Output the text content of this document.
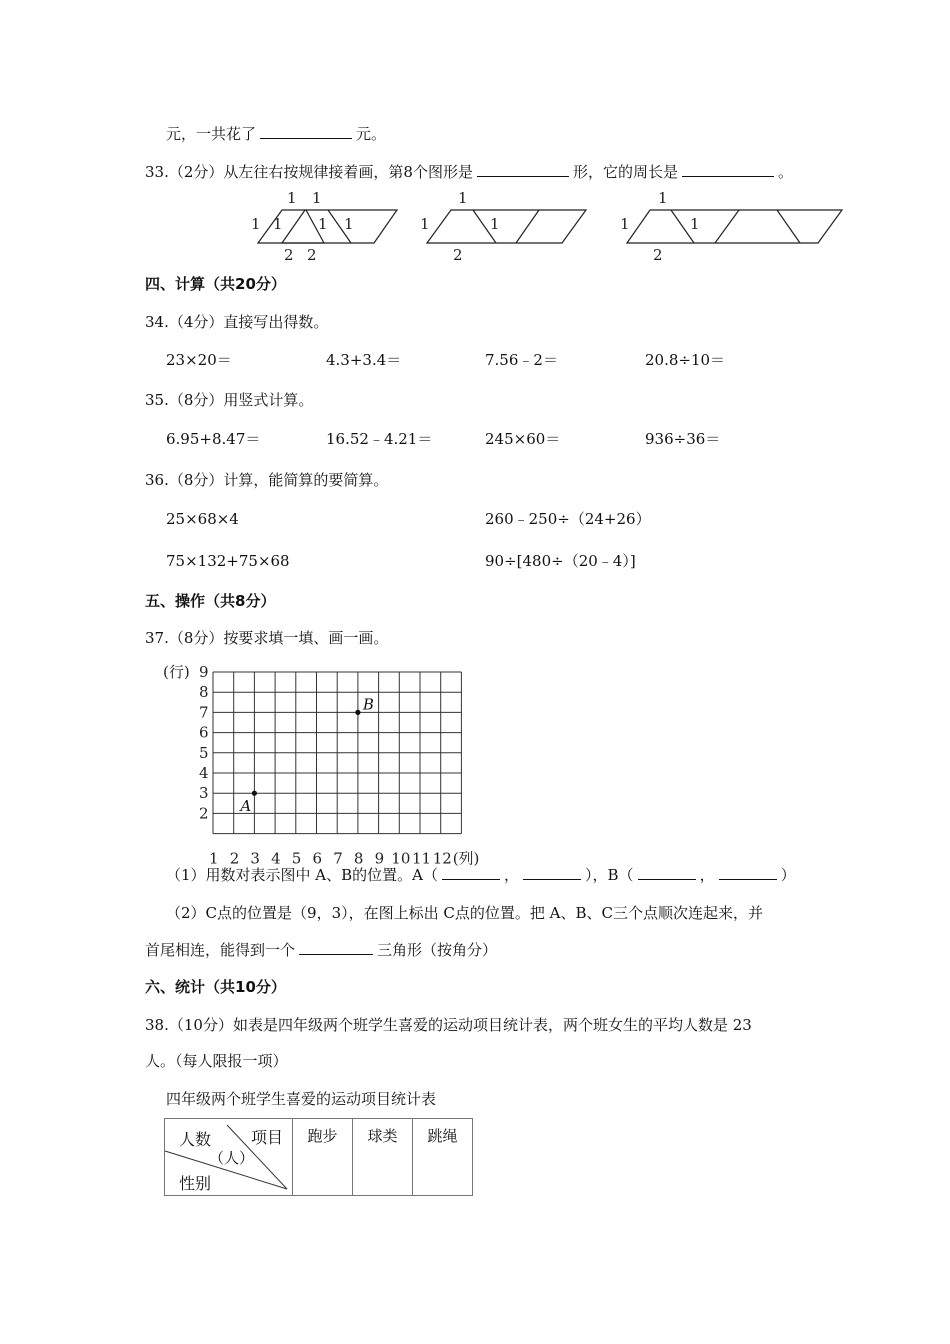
元，一共花了	元。
33.（2分）从左往右按规律接着画，第8个图形是	形，它的周长是	。
1
1	1
2
1
1	1
2
1
1	1
2
1
1	1
2
四、计算（共20分）
34.（4分）直接写出得数。
23×20＝	4.3+3.4＝	7.56﹣2＝	20.8÷10＝
35.（8分）用竖式计算。
6.95+8.47＝	16.52﹣4.21＝	245×60＝	936÷36＝
36.（8分）计算，能简算的要简算。
25×68×4	260﹣250÷（24+26）
75×132+75×68	90÷[480÷（20﹣4）]
五、操作（共8分）
37.（8分）按要求填一填、画一画。
9
8
7
6
5
4
3
2
(行)
1 2 3 4 5 6 7 8 9 10 11 12 (列)
A
B
（1）用数对表示图中 A、B的位置。A（	，	），B（	，	）
（2）C点的位置是（9，3），在图上标出 C点的位置。把 A、B、C三个点顺次连起来，并
首尾相连，能得到一个	三角形（按角分）
六、统计（共10分）
38.（10分）如表是四年级两个班学生喜爱的运动项目统计表，两个班女生的平均人数是 23
人。（每人限报一项）
四年级两个班学生喜爱的运动项目统计表
人数 项目
（人）
性别
	跑步	球类	跳绳
